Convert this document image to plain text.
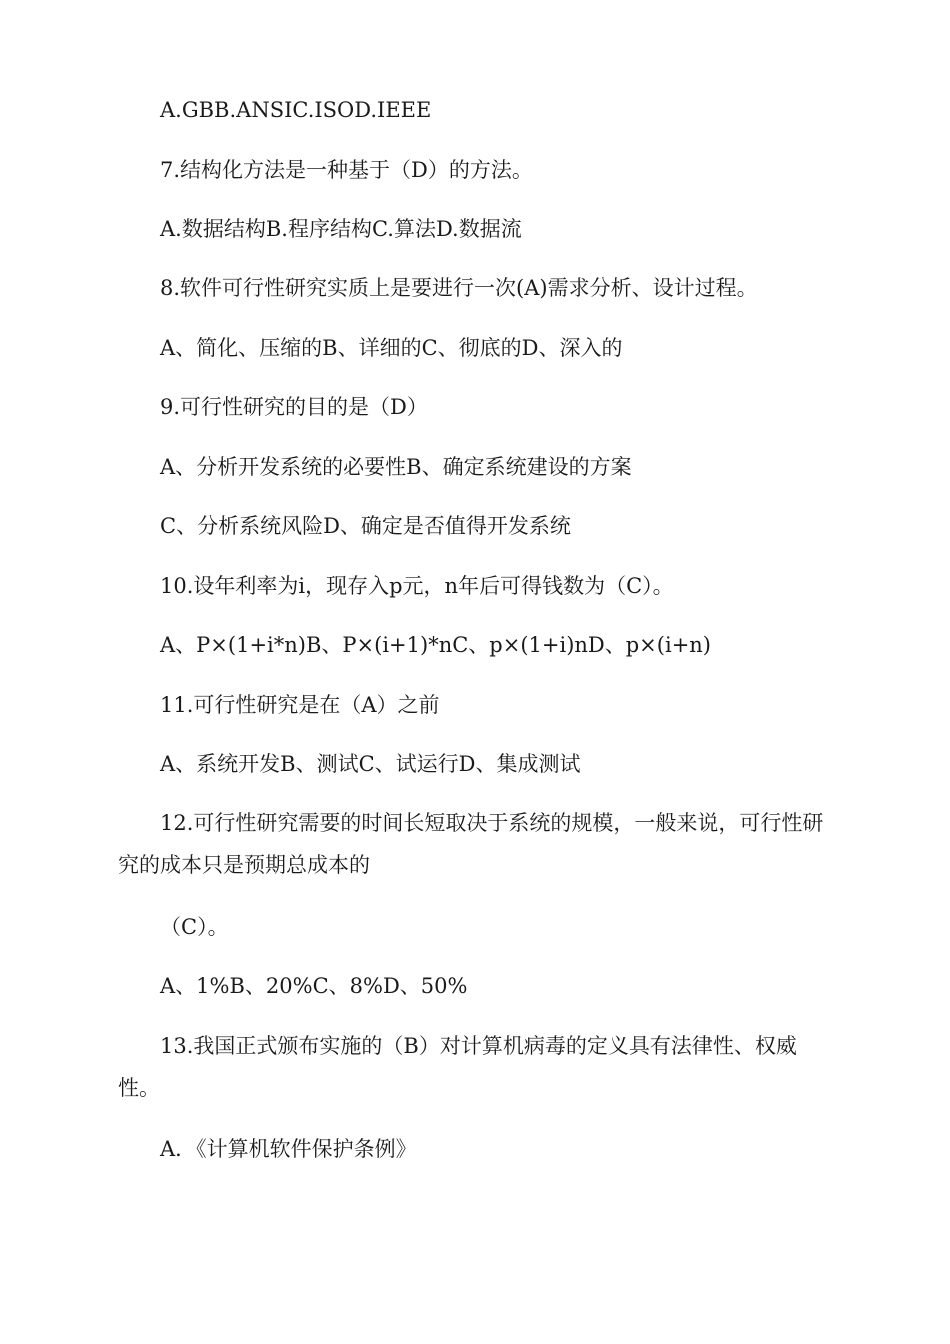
A.GBB.ANSIC.ISOD.IEEE
7.结构化方法是一种基于（D）的方法。
A.数据结构B.程序结构C.算法D.数据流
8.软件可行性研究实质上是要进行一次(A)需求分析、设计过程。
A、简化、压缩的B、详细的C、彻底的D、深入的
9.可行性研究的目的是（D）
A、分析开发系统的必要性B、确定系统建设的方案
C、分析系统风险D、确定是否值得开发系统
10.设年利率为i，现存入p元，n年后可得钱数为（C）。
A、P×(1+i*n)B、P×(i+1)*nC、p×(1+i)nD、p×(i+n)
11.可行性研究是在（A）之前
A、系统开发B、测试C、试运行D、集成测试
12.可行性研究需要的时间长短取决于系统的规模，一般来说，可行性研究的成本只是预期总成本的
（C）。
A、1%B、20%C、8%D、50%
13.我国正式颁布实施的（B）对计算机病毒的定义具有法律性、权威性。
A．《计算机软件保护条例》
